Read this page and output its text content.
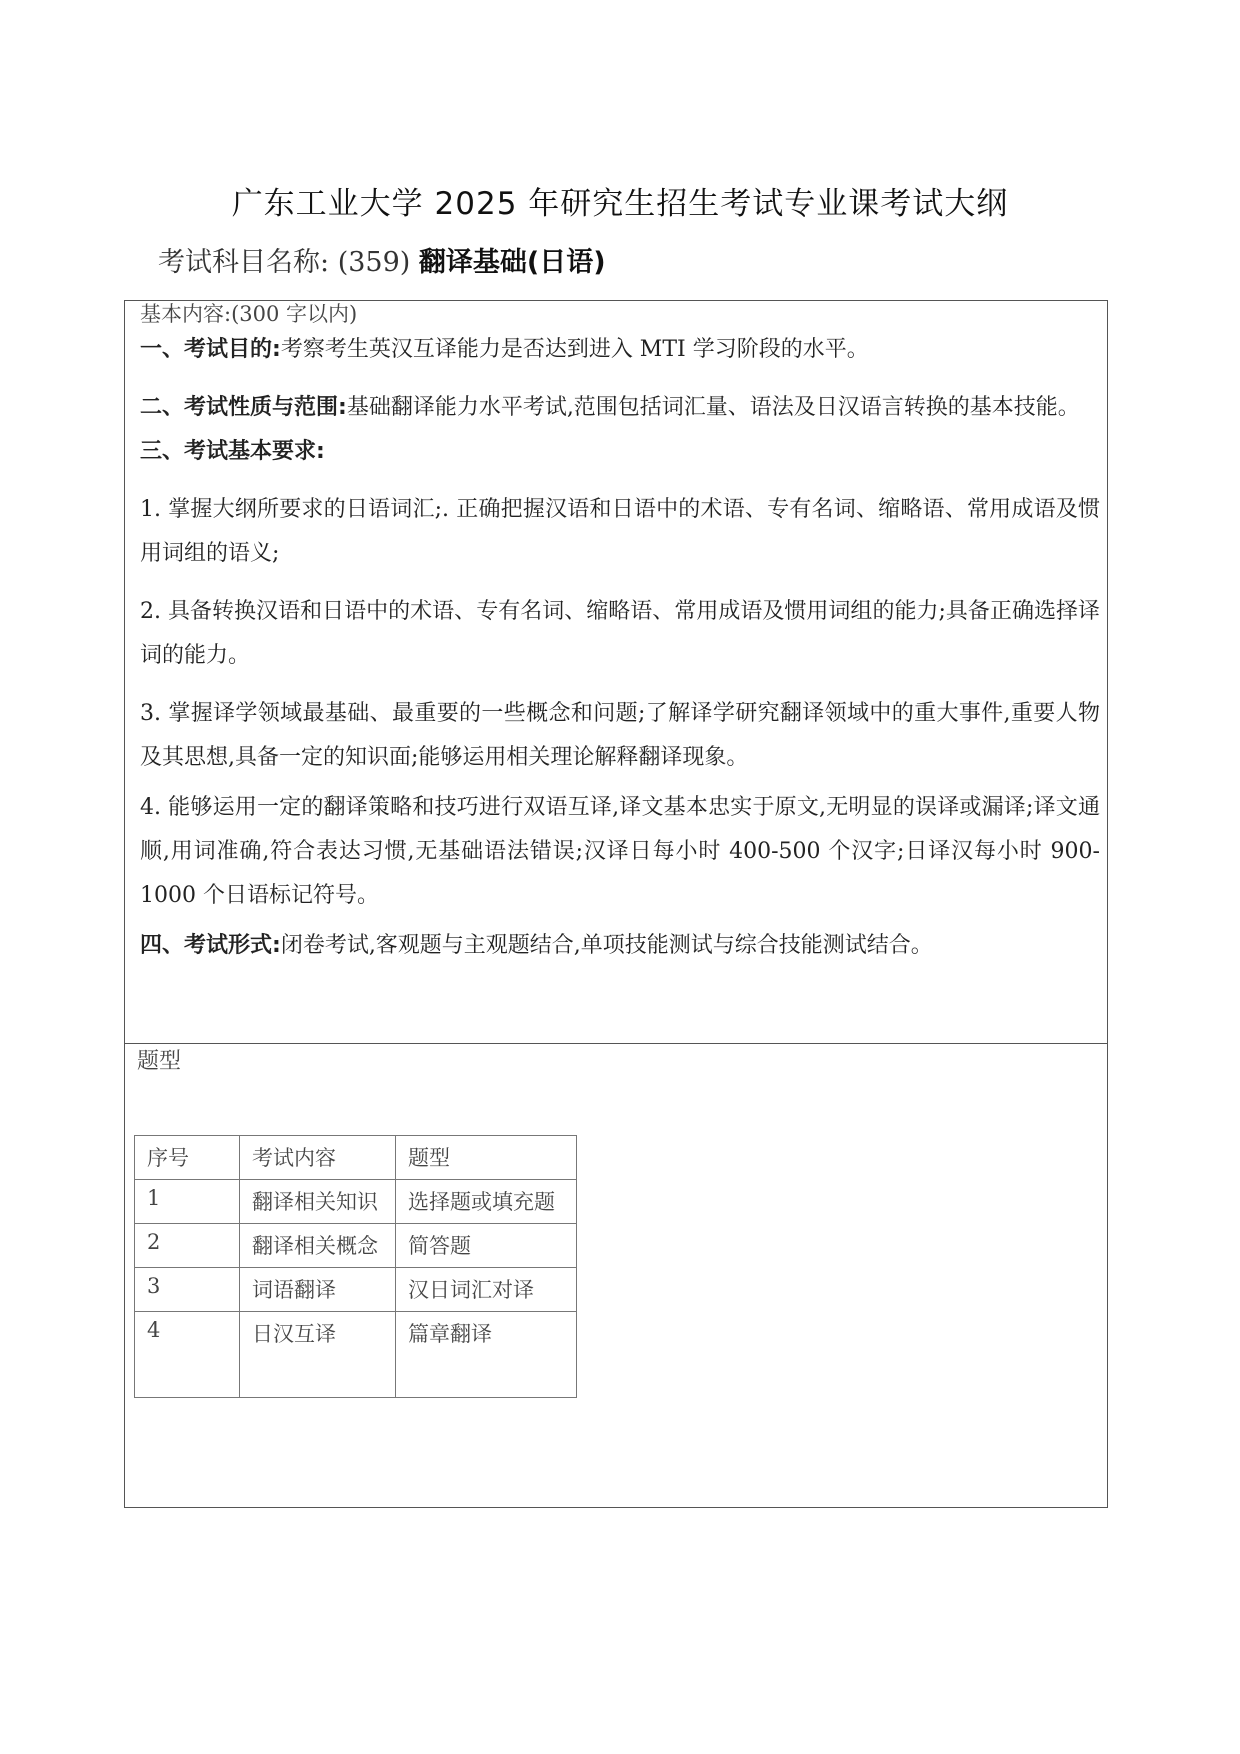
广东工业大学 2025 年研究生招生考试专业课考试大纲
考试科目名称: (359) 翻译基础(日语)

基本内容:(300 字以内)

一、考试目的:考察考生英汉互译能力是否达到进入 MTI 学习阶段的水平。

二、考试性质与范围:基础翻译能力水平考试,范围包括词汇量、语法及日汉语言转换的基本技能。

三、考试基本要求:

1. 掌握大纲所要求的日语词汇;. 正确把握汉语和日语中的术语、专有名词、缩略语、常用成语及惯用词组的语义;

2. 具备转换汉语和日语中的术语、专有名词、缩略语、常用成语及惯用词组的能力;具备正确选择译词的能力。

3. 掌握译学领域最基础、最重要的一些概念和问题;了解译学研究翻译领域中的重大事件,重要人物及其思想,具备一定的知识面;能够运用相关理论解释翻译现象。

4. 能够运用一定的翻译策略和技巧进行双语互译,译文基本忠实于原文,无明显的误译或漏译;译文通顺,用词准确,符合表达习惯,无基础语法错误;汉译日每小时 400-500 个汉字;日译汉每小时 900-1000 个日语标记符号。

四、考试形式:闭卷考试,客观题与主观题结合,单项技能测试与综合技能测试结合。

题型

序号	考试内容	题型
1	翻译相关知识	选择题或填充题
2	翻译相关概念	简答题
3	词语翻译	汉日词汇对译
4	日汉互译	篇章翻译
